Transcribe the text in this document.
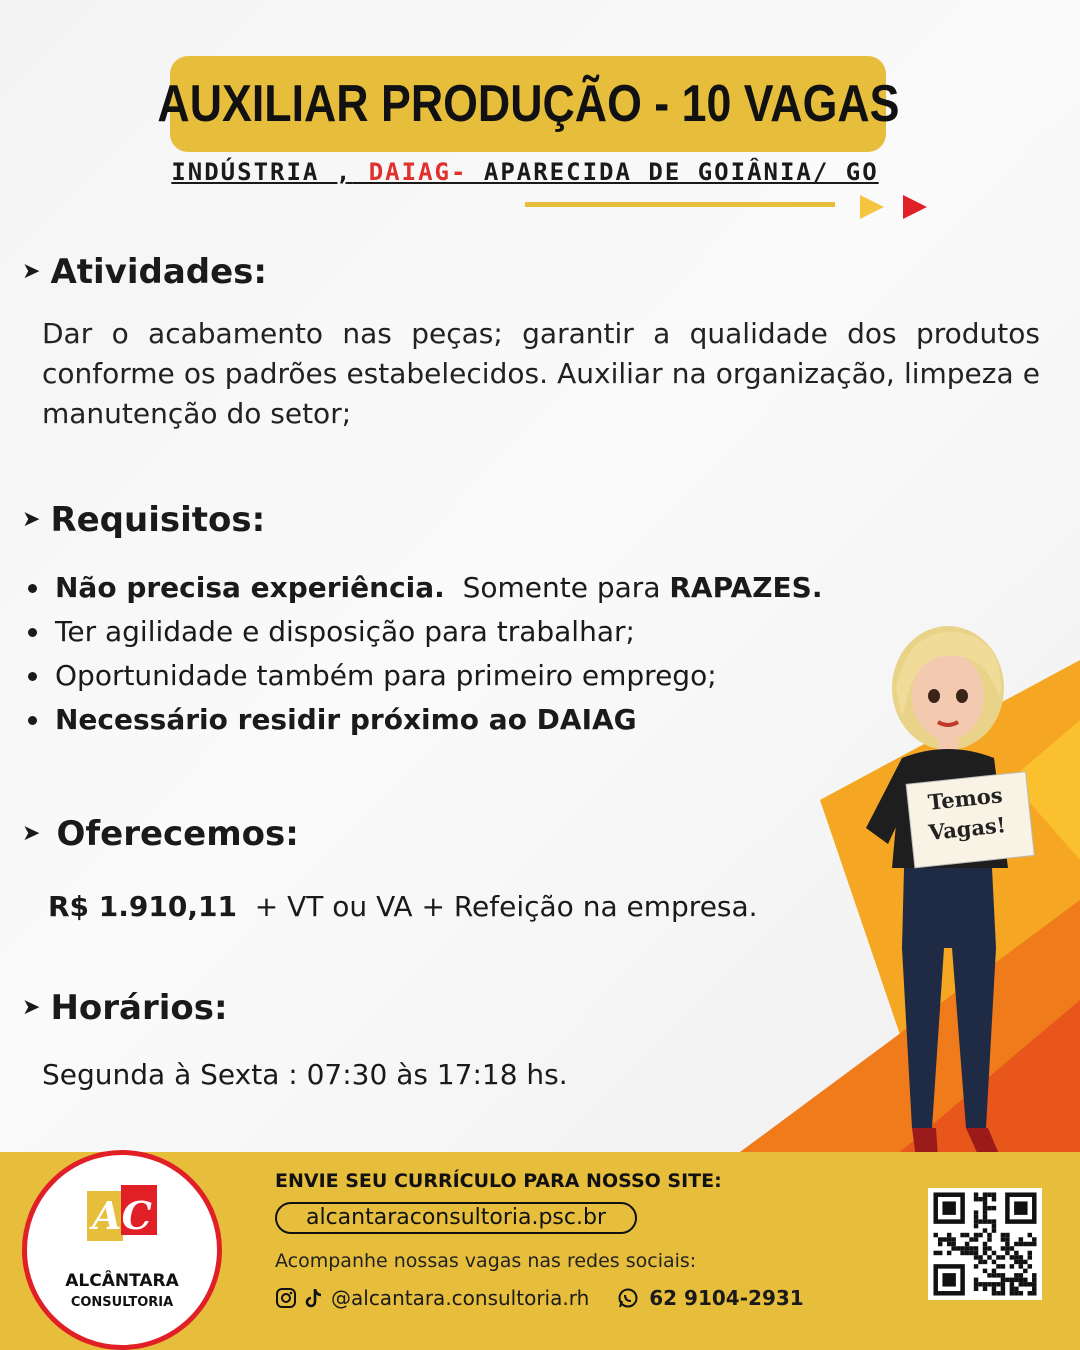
AUXILIAR PRODUÇÃO - 10 VAGAS
INDÚSTRIA , DAIAG- APARECIDA DE GOIÂNIA/ GO
➤ Atividades:
Dar o acabamento nas peças; garantir a qualidade dos produtos conforme os padrões estabelecidos. Auxiliar na organização, limpeza e manutenção do setor;
➤ Requisitos:
Não precisa experiência. Somente para RAPAZES.
Ter agilidade e disposição para trabalhar;
Oportunidade também para primeiro emprego;
Necessário residir próximo ao DAIAG
➤ Oferecemos:
R$ 1.910,11  + VT ou VA + Refeição na empresa.
➤ Horários:
Segunda à Sexta : 07:30 às 17:18 hs.
Temos
Vagas!
AC
ALCÂNTARA
CONSULTORIA
ENVIE SEU CURRÍCULO PARA NOSSO SITE:
alcantaraconsultoria.psc.br
Acompanhe nossas vagas nas redes sociais:
@alcantara.consultoria.rh	62 9104-2931
